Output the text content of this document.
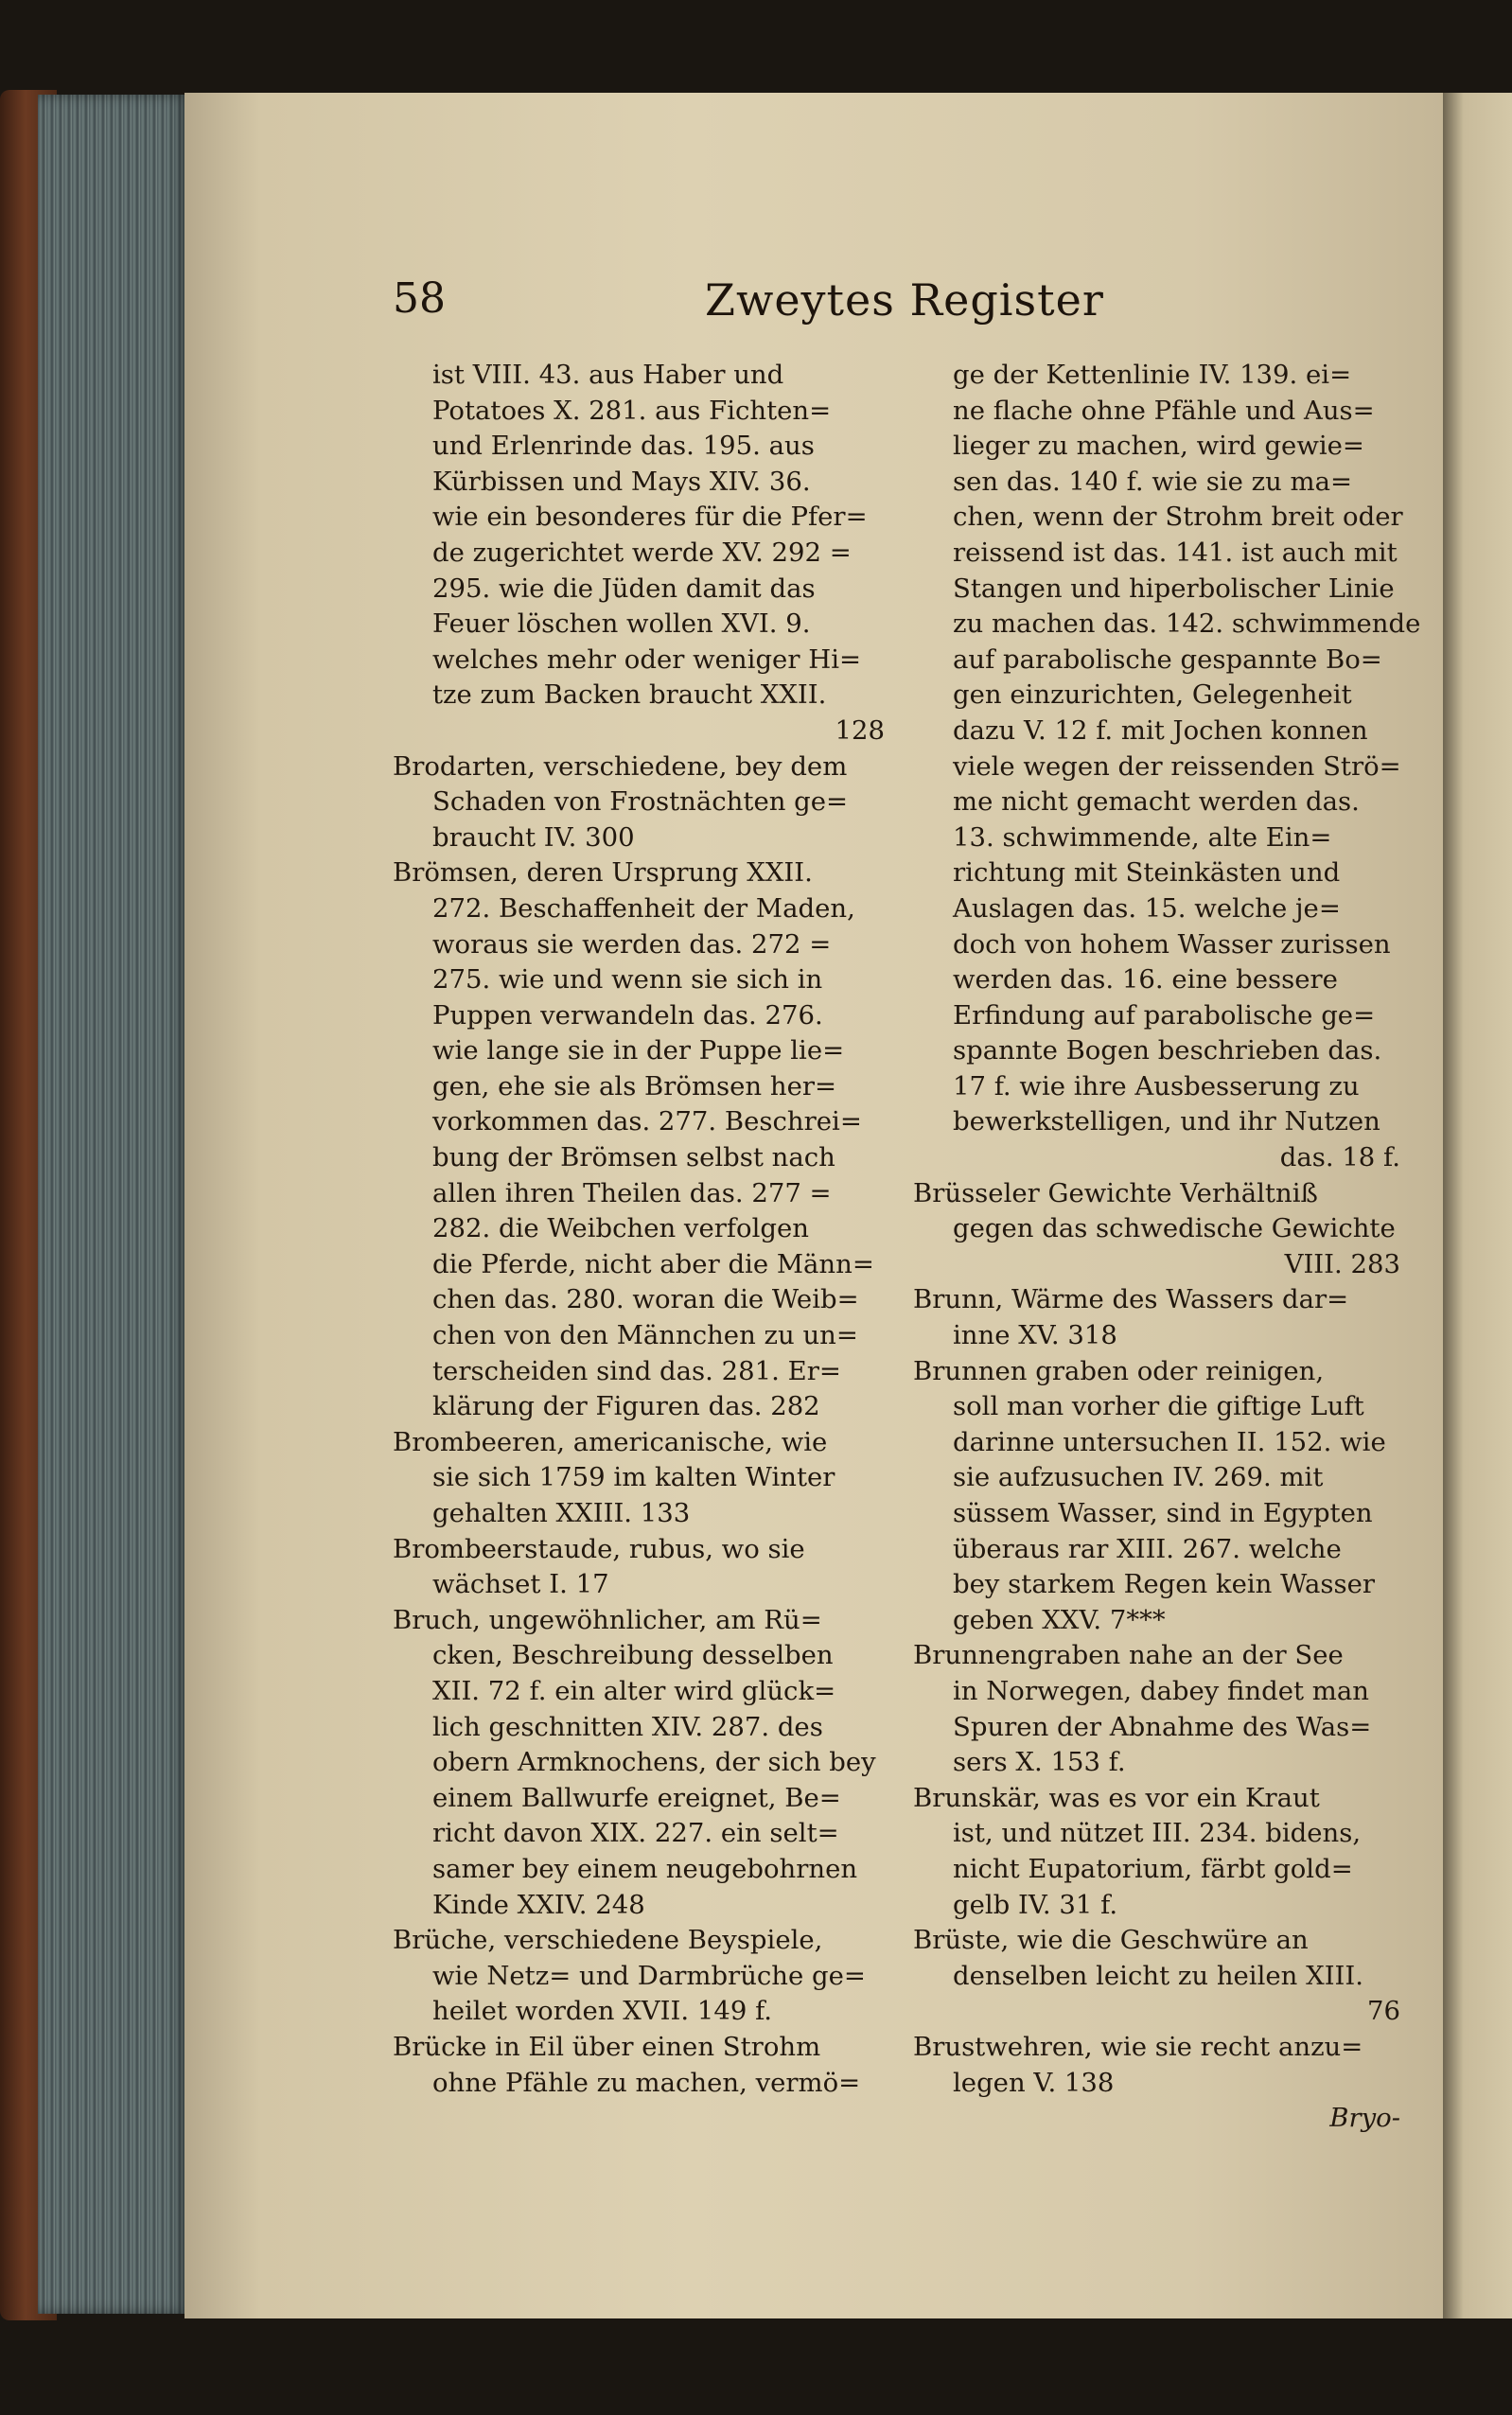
58	Zweytes Register
ist VIII. 43. aus Haber und
Potatoes X. 281. aus Fichten=
und Erlenrinde das. 195. aus
Kürbissen und Mays XIV. 36.
wie ein besonderes für die Pfer=
de zugerichtet werde XV. 292 =
295. wie die Jüden damit das
Feuer löschen wollen XVI. 9.
welches mehr oder weniger Hi=
tze zum Backen braucht XXII.
128
Brodarten, verschiedene, bey dem
Schaden von Frostnächten ge=
braucht IV. 300
Brömsen, deren Ursprung XXII.
272. Beschaffenheit der Maden,
woraus sie werden das. 272 =
275. wie und wenn sie sich in
Puppen verwandeln das. 276.
wie lange sie in der Puppe lie=
gen, ehe sie als Brömsen her=
vorkommen das. 277. Beschrei=
bung der Brömsen selbst nach
allen ihren Theilen das. 277 =
282. die Weibchen verfolgen
die Pferde, nicht aber die Männ=
chen das. 280. woran die Weib=
chen von den Männchen zu un=
terscheiden sind das. 281. Er=
klärung der Figuren das. 282
Brombeeren, americanische, wie
sie sich 1759 im kalten Winter
gehalten XXIII. 133
Brombeerstaude, rubus, wo sie
wächset I. 17
Bruch, ungewöhnlicher, am Rü=
cken, Beschreibung desselben
XII. 72 f. ein alter wird glück=
lich geschnitten XIV. 287. des
obern Armknochens, der sich bey
einem Ballwurfe ereignet, Be=
richt davon XIX. 227. ein selt=
samer bey einem neugebohrnen
Kinde XXIV. 248
Brüche, verschiedene Beyspiele,
wie Netz= und Darmbrüche ge=
heilet worden XVII. 149 f.
Brücke in Eil über einen Strohm
ohne Pfähle zu machen, vermö=
ge der Kettenlinie IV. 139. ei=
ne flache ohne Pfähle und Aus=
lieger zu machen, wird gewie=
sen das. 140 f. wie sie zu ma=
chen, wenn der Strohm breit oder
reissend ist das. 141. ist auch mit
Stangen und hiperbolischer Linie
zu machen das. 142. schwimmende
auf parabolische gespannte Bo=
gen einzurichten, Gelegenheit
dazu V. 12 f. mit Jochen konnen
viele wegen der reissenden Strö=
me nicht gemacht werden das.
13. schwimmende, alte Ein=
richtung mit Steinkästen und
Auslagen das. 15. welche je=
doch von hohem Wasser zurissen
werden das. 16. eine bessere
Erfindung auf parabolische ge=
spannte Bogen beschrieben das.
17 f. wie ihre Ausbesserung zu
bewerkstelligen, und ihr Nutzen
das. 18 f.
Brüsseler Gewichte Verhältniß
gegen das schwedische Gewichte
VIII. 283
Brunn, Wärme des Wassers dar=
inne XV. 318
Brunnen graben oder reinigen,
soll man vorher die giftige Luft
darinne untersuchen II. 152. wie
sie aufzusuchen IV. 269. mit
süssem Wasser, sind in Egypten
überaus rar XIII. 267. welche
bey starkem Regen kein Wasser
geben XXV. 7***
Brunnengraben nahe an der See
in Norwegen, dabey findet man
Spuren der Abnahme des Was=
sers X. 153 f.
Brunskär, was es vor ein Kraut
ist, und nützet III. 234. bidens,
nicht Eupatorium, färbt gold=
gelb IV. 31 f.
Brüste, wie die Geschwüre an
denselben leicht zu heilen XIII.
76
Brustwehren, wie sie recht anzu=
legen V. 138
Bryo-
